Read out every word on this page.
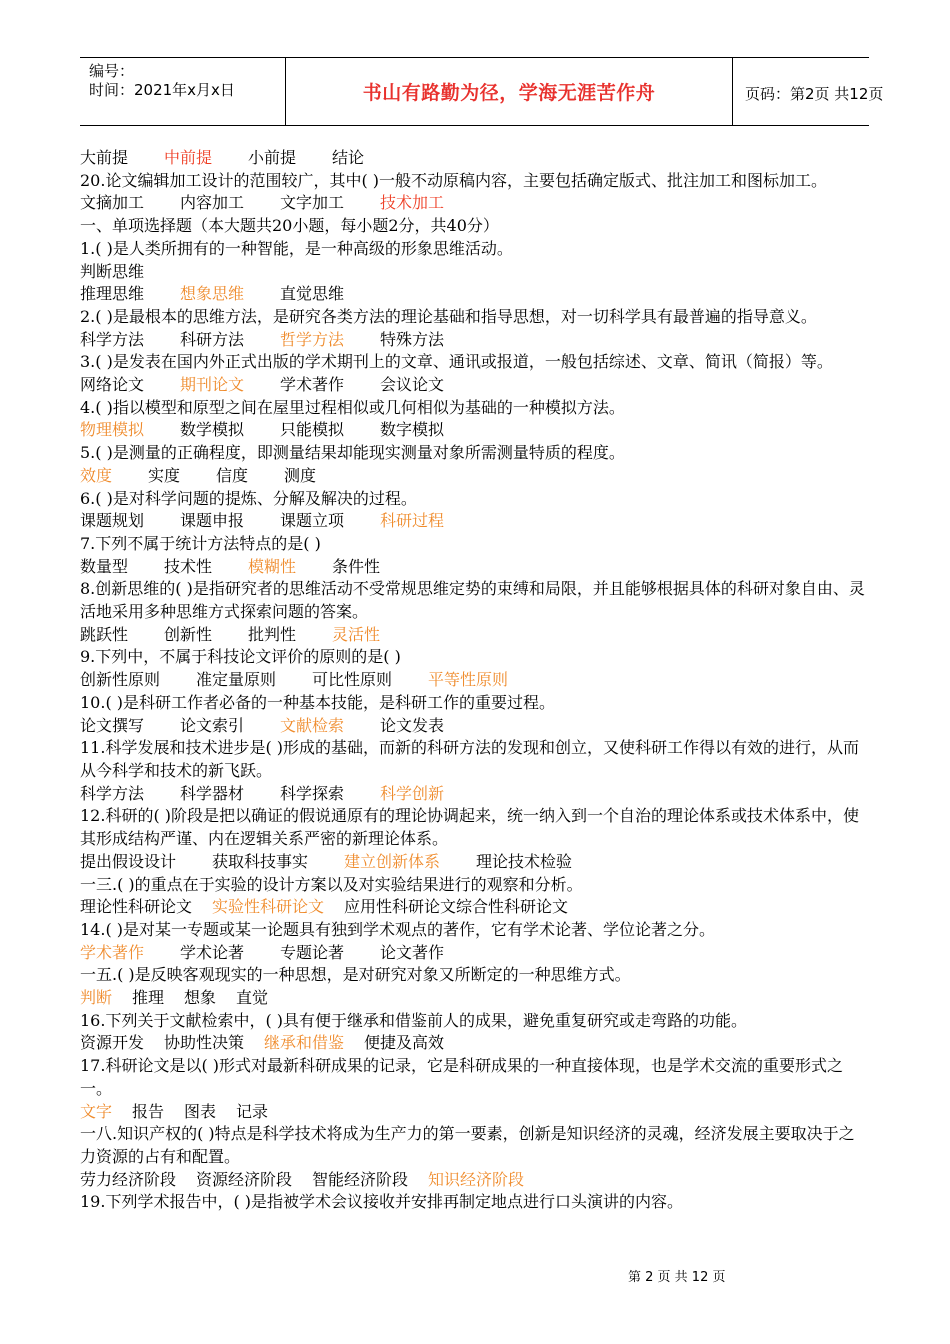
编号：
时间：2021年x月x日	书山有路勤为径，学海无涯苦作舟	页码：第2页 共12页
大前提 中前提 小前提 结论
20.论文编辑加工设计的范围较广，其中( )一般不动原稿内容，主要包括确定版式、批注加工和图标加工。
文摘加工 内容加工 文字加工 技术加工
一、单项选择题（本大题共20小题，每小题2分，共40分）
1.( )是人类所拥有的一种智能，是一种高级的形象思维活动。
判断思维
推理思维 想象思维 直觉思维
2.( )是最根本的思维方法，是研究各类方法的理论基础和指导思想，对一切科学具有最普遍的指导意义。
科学方法 科研方法 哲学方法 特殊方法
3.( )是发表在国内外正式出版的学术期刊上的文章、通讯或报道，一般包括综述、文章、简讯（简报）等。
网络论文 期刊论文 学术著作 会议论文
4.( )指以模型和原型之间在屋里过程相似或几何相似为基础的一种模拟方法。
物理模拟 数学模拟 只能模拟 数字模拟
5.( )是测量的正确程度，即测量结果却能现实测量对象所需测量特质的程度。
效度 实度 信度 测度
6.( )是对科学问题的提炼、分解及解决的过程。
课题规划 课题申报 课题立项 科研过程
7.下列不属于统计方法特点的是( )
数量型 技术性 模糊性 条件性
8.创新思维的( )是指研究者的思维活动不受常规思维定势的束缚和局限，并且能够根据具体的科研对象自由、灵活地采用多种思维方式探索问题的答案。
跳跃性 创新性 批判性 灵活性
9.下列中，不属于科技论文评价的原则的是( )
创新性原则 准定量原则 可比性原则 平等性原则
10.( )是科研工作者必备的一种基本技能，是科研工作的重要过程。
论文撰写 论文索引 文献检索 论文发表
11.科学发展和技术进步是( )形成的基础，而新的科研方法的发现和创立，又使科研工作得以有效的进行，从而从今科学和技术的新飞跃。
科学方法 科学器材 科学探索 科学创新
12.科研的( )阶段是把以确证的假说通原有的理论协调起来，统一纳入到一个自治的理论体系或技术体系中，使其形成结构严谨、内在逻辑关系严密的新理论体系。
提出假设设计 获取科技事实 建立创新体系 理论技术检验
一三.( )的重点在于实验的设计方案以及对实验结果进行的观察和分析。
理论性科研论文 实验性科研论文 应用性科研论文综合性科研论文
14.( )是对某一专题或某一论题具有独到学术观点的著作，它有学术论著、学位论著之分。
学术著作 学术论著 专题论著 论文著作
一五.( )是反映客观现实的一种思想，是对研究对象又所断定的一种思维方式。
判断 推理 想象 直觉
16.下列关于文献检索中，( )具有便于继承和借鉴前人的成果，避免重复研究或走弯路的功能。
资源开发 协助性决策 继承和借鉴 便捷及高效
17.科研论文是以( )形式对最新科研成果的记录，它是科研成果的一种直接体现，也是学术交流的重要形式之一。
文字 报告 图表 记录
一八.知识产权的( )特点是科学技术将成为生产力的第一要素，创新是知识经济的灵魂，经济发展主要取决于之力资源的占有和配置。
劳力经济阶段 资源经济阶段 智能经济阶段 知识经济阶段
19.下列学术报告中，( )是指被学术会议接收并安排再制定地点进行口头演讲的内容。
第 2 页 共 12 页
